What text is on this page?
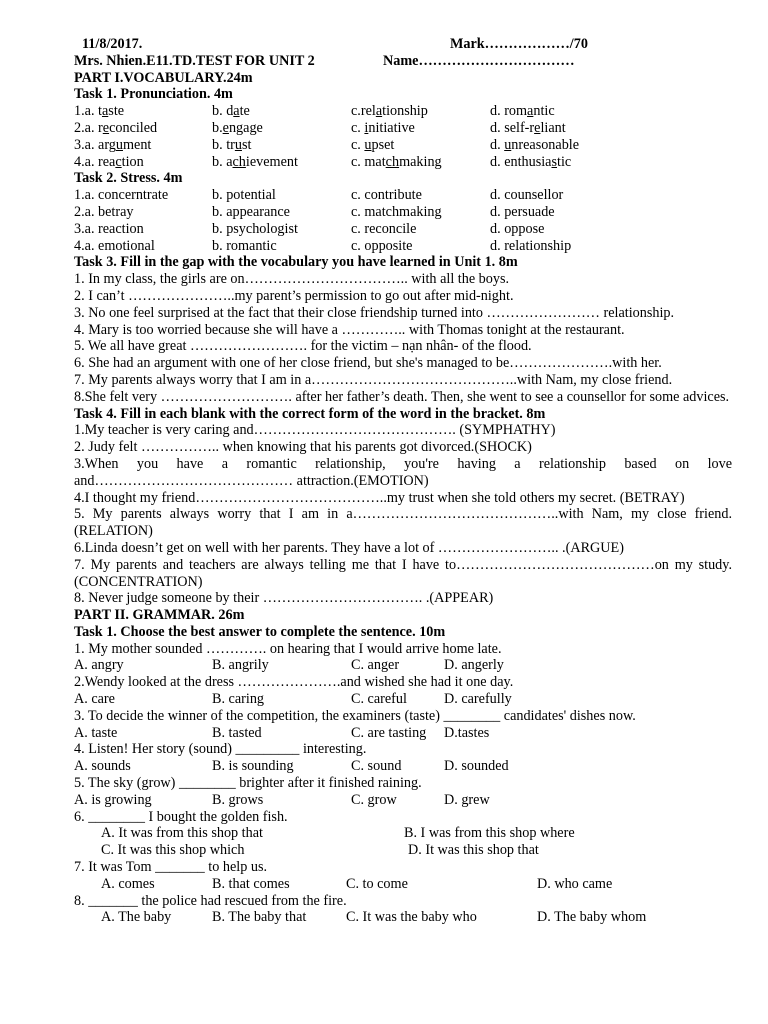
11/8/2017.	Mark………………/70
Mrs. Nhien.E11.TD.TEST FOR UNIT 2	Name……………………………
PART I.VOCABULARY.24m
Task 1. Pronunciation. 4m
1.a. taste	b. date	c.relationship	d. romantic
2.a. reconciled	b.engage	c. initiative	d. self-reliant
3.a. argument	b. trust	c. upset	d. unreasonable
4.a. reaction	b. achievement	c. matchmaking	d. enthusiastic
Task 2. Stress. 4m
1.a. concerntrate	b. potential	c. contribute	d. counsellor
2.a. betray	b. appearance	c. matchmaking	d. persuade
3.a. reaction	b. psychologist	c. reconcile	d. oppose
4.a. emotional	b. romantic	c. opposite	d. relationship
Task 3. Fill in the gap with the vocabulary you have learned in Unit 1. 8m
1. In my class, the girls are on…………………………….. with all the boys.
2. I can’t …………………..my parent’s permission to go out after mid-night.
3. No one feel surprised at the fact that their close friendship turned into …………………… relationship.
4. Mary is too worried because she will have a ………….. with Thomas tonight at the restaurant.
5. We all have great ……………………. for the victim – nạn nhân- of the flood.
6. She had an argument with one of her close friend, but she's managed to be………………….with her.
7. My parents always worry that I am in a……………………………………..with Nam, my close friend.
8.She felt very ………………………. after her father’s death. Then, she went to see a counsellor for some advices.
Task 4. Fill in each blank with the correct form of the word in the bracket. 8m
1.My teacher is very caring and……………………………………. (SYMPHATHY)
2. Judy felt …………….. when knowing that his parents got divorced.(SHOCK)
3.When you have a romantic relationship, you're having a relationship based on love and…………………………………… attraction.(EMOTION)
4.I thought my friend…………………………………..my trust when she told others my secret. (BETRAY)
5. My parents always worry that I am in a……………………………………..with Nam, my close friend. (RELATION)
6.Linda doesn’t get on well with her parents. They have a lot of …………………….. .(ARGUE)
7. My parents and teachers are always telling me that I have to……………………………………on my study.(CONCENTRATION)
8. Never judge someone by their ……………………………. .(APPEAR)
PART II. GRAMMAR. 26m
Task 1. Choose the best answer to complete the sentence. 10m
1. My mother sounded …………. on hearing that I would arrive home late.
A. angry	B. angrily	C. anger	D. angerly
2.Wendy looked at the dress ………………….and wished she had it one day.
A. care	B. caring	C. careful	D. carefully
3. To decide the winner of the competition, the examiners (taste) ________ candidates' dishes now.
A. taste	B. tasted	C. are tasting D.tastes
4. Listen! Her story (sound) _________ interesting.
A. sounds	B. is sounding	C. sound	D. sounded
5. The sky (grow) ________ brighter after it finished raining.
A. is growing	B. grows	C. grow	D. grew
6. ________ I bought the golden fish.
A. It was from this shop that	B. I was from this shop where
C. It was this shop which	D. It was this shop that
7. It was Tom _______ to help us.
A. comes	B. that comes	C. to come	D. who came
8. _______ the police had rescued from the fire.
A. The baby	B. The baby that	C. It was the baby who	D. The baby whom
